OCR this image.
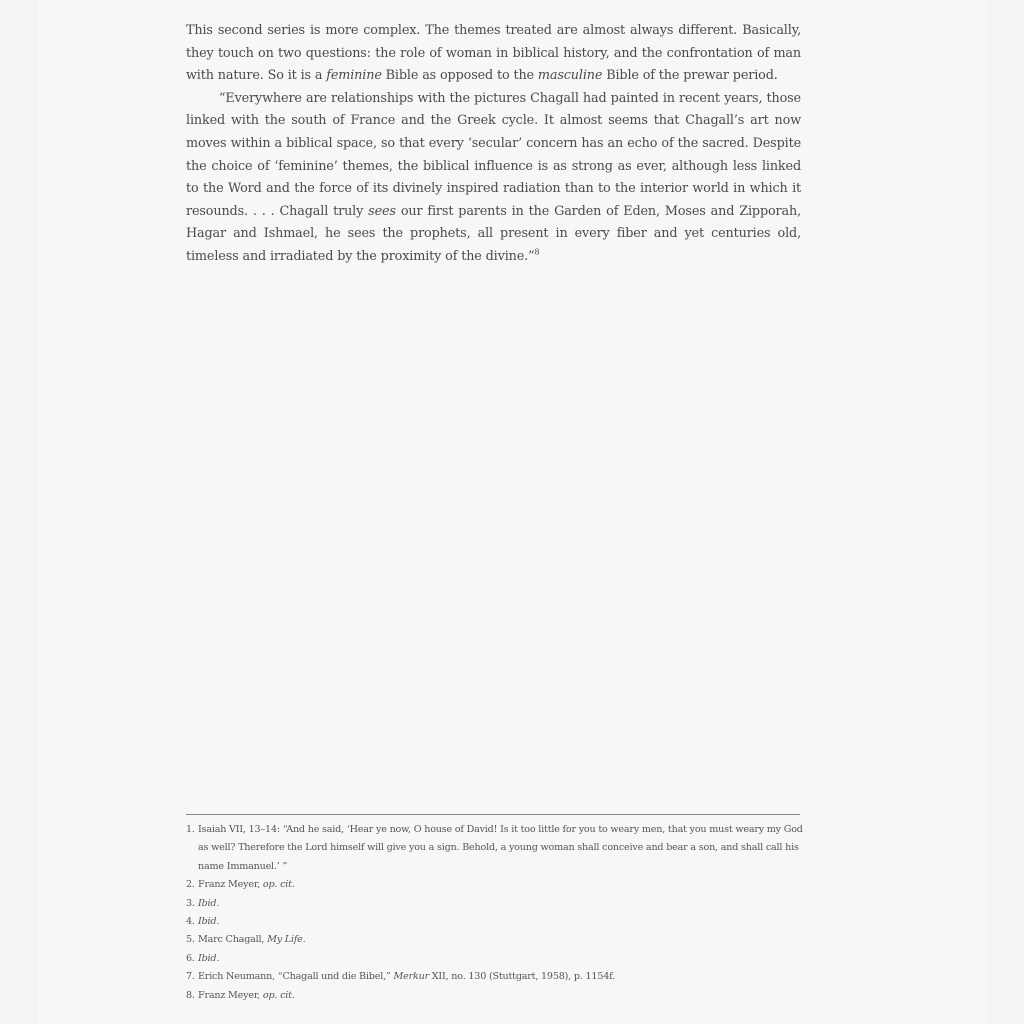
This second series is more complex. The themes treated are almost always different. Basically, they touch on two questions: the role of woman in biblical history, and the confrontation of man with nature. So it is a feminine Bible as opposed to the masculine Bible of the prewar period.

“Everywhere are relationships with the pictures Chagall had painted in recent years, those linked with the south of France and the Greek cycle. It almost seems that Chagall’s art now moves within a biblical space, so that every ‘secular’ concern has an echo of the sacred. Despite the choice of ‘feminine’ themes, the biblical influence is as strong as ever, although less linked to the Word and the force of its divinely inspired radiation than to the interior world in which it resounds. . . . Chagall truly sees our first parents in the Garden of Eden, Moses and Zipporah, Hagar and Ishmael, he sees the prophets, all present in every fiber and yet centuries old, timeless and irradiated by the proximity of the divine.”$^8$

1. Isaiah VII, 13–14: “And he said, ‘Hear ye now, O house of David! Is it too little for you to weary men, that you must weary my God as well? Therefore the Lord himself will give you a sign. Behold, a young woman shall conceive and bear a son, and shall call his name Immanuel.’ ”
2. Franz Meyer, op. cit.
3. Ibid.
4. Ibid.
5. Marc Chagall, My Life.
6. Ibid.
7. Erich Neumann, “Chagall und die Bibel,” Merkur XII, no. 130 (Stuttgart, 1958), p. 1154f.
8. Franz Meyer, op. cit.
